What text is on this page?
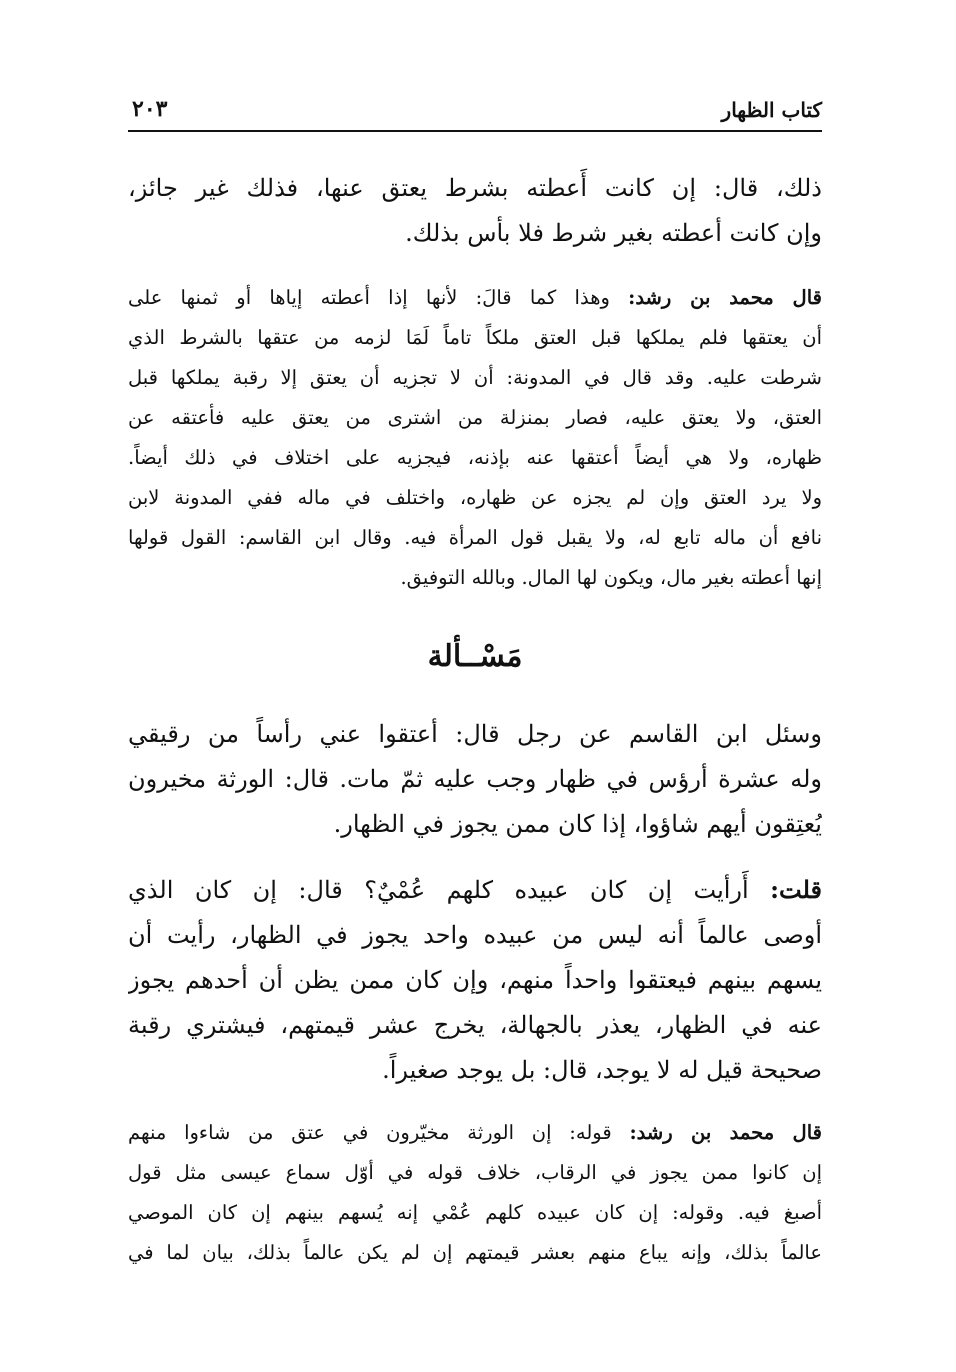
كتاب الظهار
٢٠٣
ذلك، قال: إن كانت أَعطته بشرط يعتق عنها، فذلك غير جائز،
وإن كانت أعطته بغير شرط فلا بأس بذلك.
قال محمد بن رشد: وهذا كما قالَ: لأنها إذا أعطته إياها أو ثمنها على
أن يعتقها فلم يملكها قبل العتق ملكاً تاماً لَمَا لزمه من عتقها بالشرط الذي
شرطت عليه. وقد قال في المدونة: أن لا تجزيه أن يعتق إلا رقبة يملكها قبل
العتق، ولا يعتق عليه، فصار بمنزلة من اشترى من يعتق عليه فأعتقه عن
ظهاره، ولا هي أيضاً أعتقها عنه بإذنه، فيجزيه على اختلاف في ذلك أيضاً.
ولا يرد العتق وإن لم يجزه عن ظهاره، واختلف في ماله ففي المدونة لابن
نافع أن ماله تابع له، ولا يقبل قول المرأة فيه. وقال ابن القاسم: القول قولها
إنها أعطته بغير مال، ويكون لها المال. وبالله التوفيق.
مَسْــألة
وسئل ابن القاسم عن رجل قال: أعتقوا عني رأساً من رقيقي
وله عشرة أرؤس في ظهار وجب عليه ثمّ مات. قال: الورثة مخيرون
يُعتِقون أيهم شاؤوا، إذا كان ممن يجوز في الظهار.
قلت: أَرأيت إن كان عبيده كلهم عُمْيٌ؟ قال: إن كان الذي
أوصى عالماً أنه ليس من عبيده واحد يجوز في الظهار، رأيت أن
يسهم بينهم فيعتقوا واحداً منهم، وإن كان ممن يظن أن أحدهم يجوز
عنه في الظهار، يعذر بالجهالة، يخرج عشر قيمتهم، فيشتري رقبة
صحيحة قيل له لا يوجد، قال: بل يوجد صغيراً.
قال محمد بن رشد: قوله: إن الورثة مخيّرون في عتق من شاءوا منهم
إن كانوا ممن يجوز في الرقاب، خلاف قوله في أوّل سماع عيسى مثل قول
أصبغ فيه. وقوله: إن كان عبيده كلهم عُمْي إنه يُسهم بينهم إن كان الموصي
عالماً بذلك، وإنه يباع منهم بعشر قيمتهم إن لم يكن عالماً بذلك، بيان لما في
